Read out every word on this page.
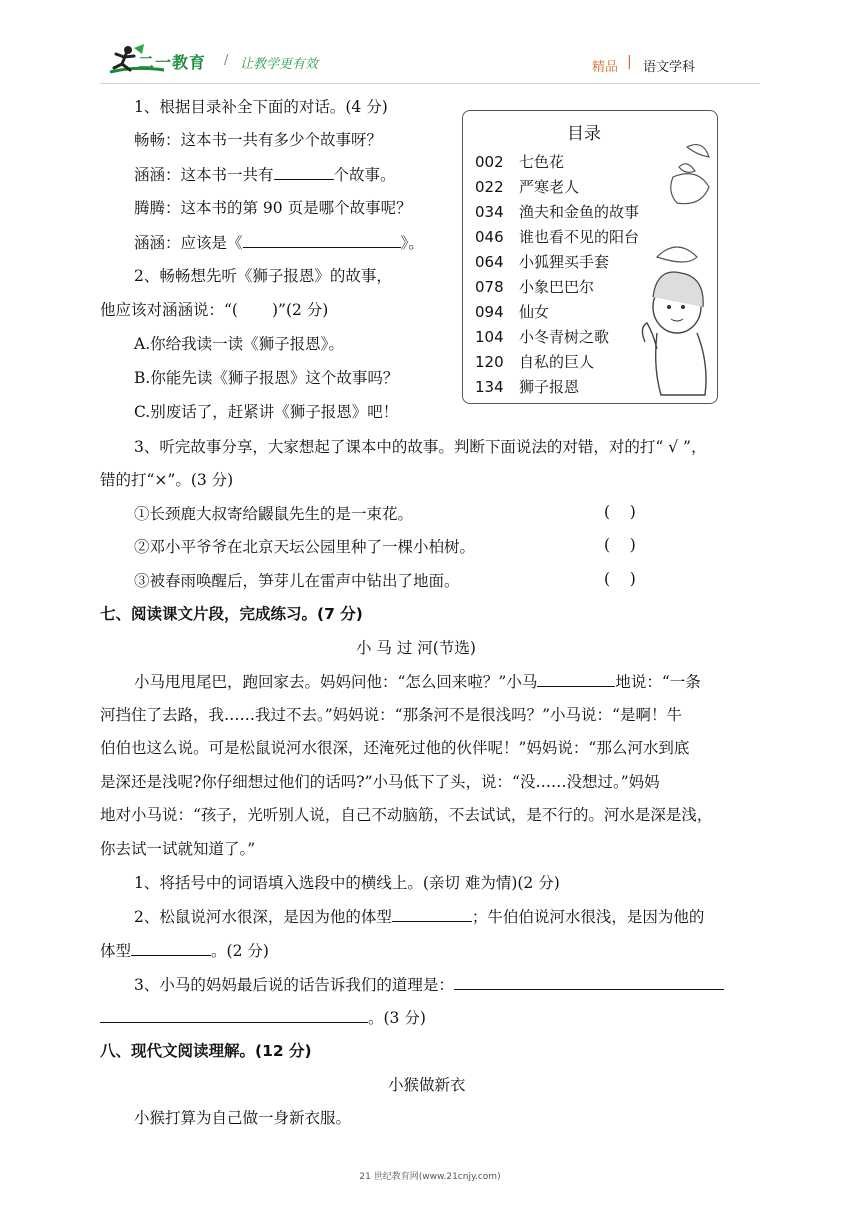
二一教育 / 让教学更有效	精品 | 语文学科
1、根据目录补全下面的对话。(4 分)
畅畅：这本书一共有多少个故事呀？
涵涵：这本书一共有	个故事。
腾腾：这本书的第 90 页是哪个故事呢？
涵涵：应该是《	》。
2、畅畅想先听《狮子报恩》的故事，
他应该对涵涵说：“( )”(2 分)
A.你给我读一读《狮子报恩》。
B.你能先读《狮子报恩》这个故事吗？
C.别废话了，赶紧讲《狮子报恩》吧！
目录
002 七色花
022 严寒老人
034 渔夫和金鱼的故事
046 谁也看不见的阳台
064 小狐狸买手套
078 小象巴巴尔
094 仙女
104 小冬青树之歌
120 自私的巨人
134 狮子报恩
3、听完故事分享，大家想起了课本中的故事。判断下面说法的对错，对的打“ √ ”，
错的打“×”。(3 分)
①长颈鹿大叔寄给鼹鼠先生的是一束花。	(    )
②邓小平爷爷在北京天坛公园里种了一棵小柏树。	(    )
③被春雨唤醒后，笋芽儿在雷声中钻出了地面。	(    )
七、阅读课文片段，完成练习。(7 分)
小 马 过 河(节选)
小马甩甩尾巴，跑回家去。妈妈问他：“怎么回来啦？”小马	地说：“一条
河挡住了去路，我……我过不去。”妈妈说：“那条河不是很浅吗？”小马说：“是啊！牛
伯伯也这么说。可是松鼠说河水很深，还淹死过他的伙伴呢！”妈妈说：“那么河水到底
是深还是浅呢?你仔细想过他们的话吗?”小马低下了头，说：“没……没想过。”妈妈
地对小马说：“孩子，光听别人说，自己不动脑筋，不去试试，是不行的。河水是深是浅，
你去试一试就知道了。”
1、将括号中的词语填入选段中的横线上。(亲切 难为情)(2 分)
2、松鼠说河水很深，是因为他的体型	；牛伯伯说河水很浅，是因为他的
体型	。(2 分)
3、小马的妈妈最后说的话告诉我们的道理是：
。(3 分)
八、现代文阅读理解。(12 分)
小猴做新衣
小猴打算为自己做一身新衣服。
21 世纪教育网(www.21cnjy.com)
